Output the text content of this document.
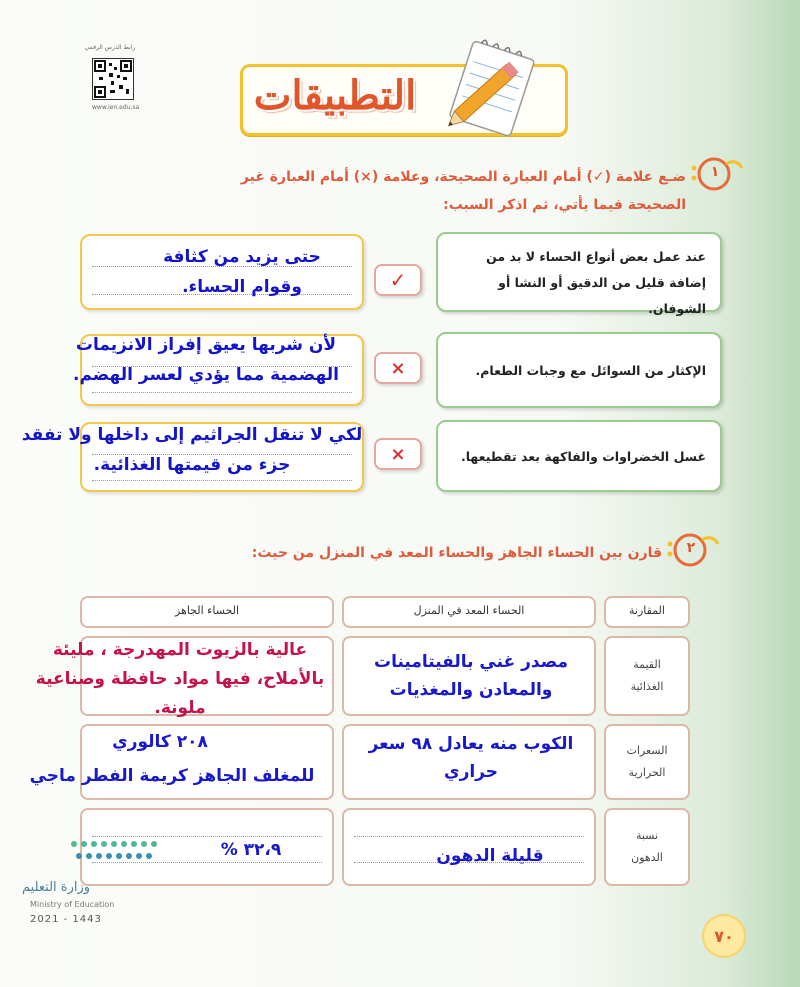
رابط الدرس الرقمي
www.ien.edu.sa	التطبيقات
١
ضـع علامة (✓) أمام العبارة الصحيحة، وعلامة (×) أمام العبارة غير
الصحيحة فيما يأتي، ثم اذكر السبب:
عند عمل بعض أنواع الحساء لا بد من إضافة قليل من الدقيق أو النشا أو الشوفان.
✓
حتى يزيد من كثافة وقوام الحساء.
الإكثار من السوائل مع وجبات الطعام.
×
لأن شربها يعيق إفراز الانزيمات الهضمية مما يؤدي لعسر الهضم.
غسل الخضراوات والفاكهة بعد تقطيعها.
×
لكي لا تنقل الجراثيم إلى داخلها ولا تفقد جزء من قيمتها الغذائية.
٢
قارن بين الحساء الجاهز والحساء المعد في المنزل من حيث:
المقارنة
الحساء المعد في المنزل
الحساء الجاهز
القيمة
الغذائية
مصدر غني بالفيتامينات والمعادن والمغذيات
عالية بالزيوت المهدرجة ، مليئة بالأملاح، فيها مواد حافظة وصناعية ملونة.
السعرات
الحرارية
الكوب منه يعادل ٩٨ سعر حراري
٢٠٨ كالوري
للمغلف الجاهز كريمة الفطر ماجي
نسبة
الدهون
قليلة الدهون
٣٢،٩ %
وزارة التعليم
Ministry of Education
2021 - 1443
٧٠
